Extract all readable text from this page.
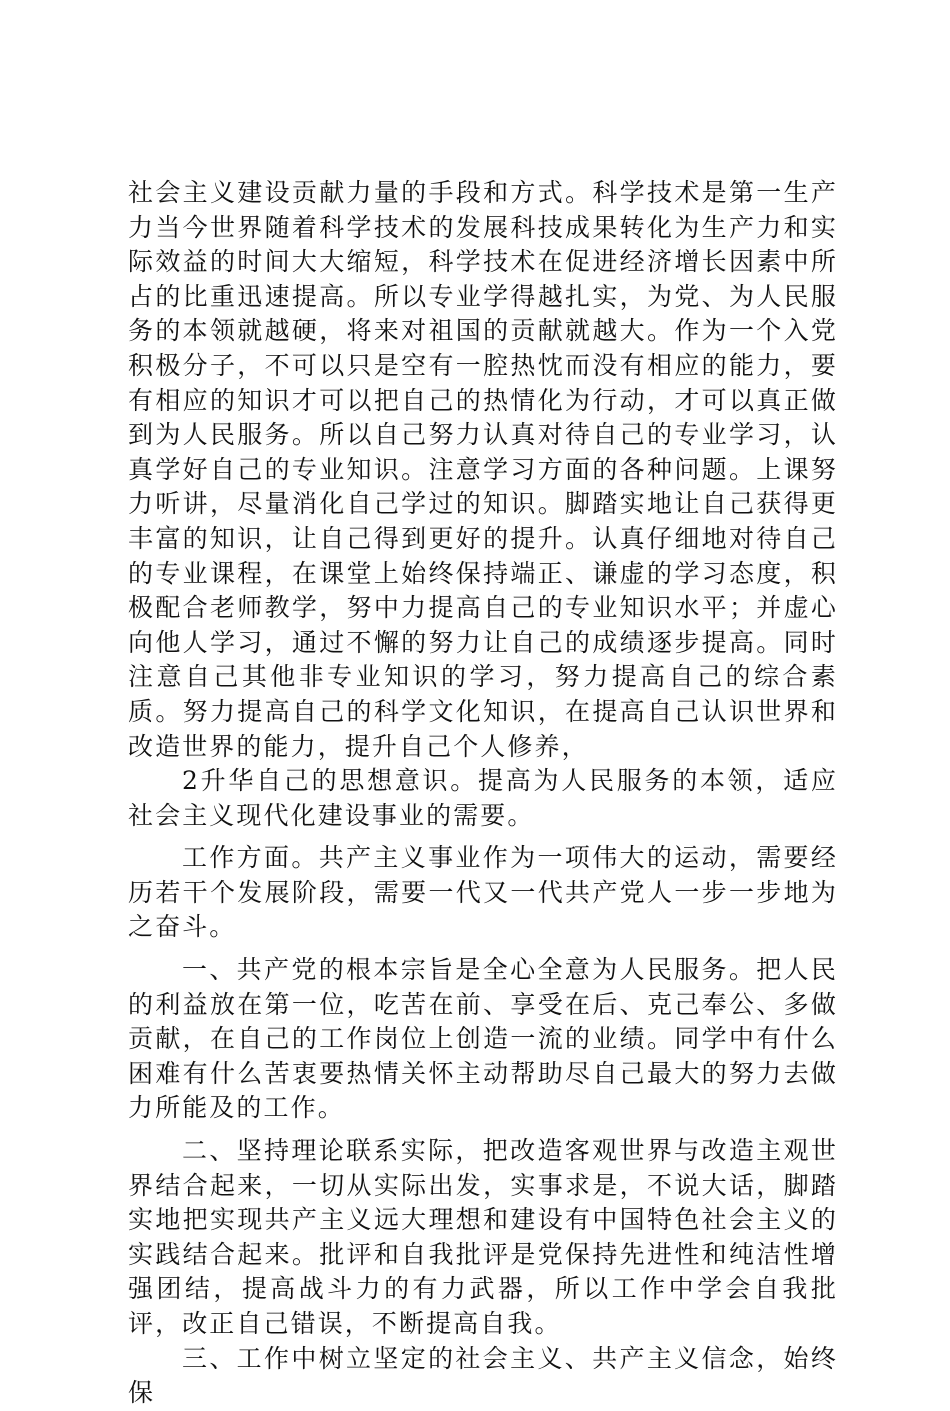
社会主义建设贡献力量的手段和方式。科学技术是第一生产力当今世界随着科学技术的发展科技成果转化为生产力和实际效益的时间大大缩短，科学技术在促进经济增长因素中所占的比重迅速提高。所以专业学得越扎实，为党、为人民服务的本领就越硬，将来对祖国的贡献就越大。作为一个入党积极分子，不可以只是空有一腔热忱而没有相应的能力，要有相应的知识才可以把自己的热情化为行动，才可以真正做到为人民服务。所以自己努力认真对待自己的专业学习，认真学好自己的专业知识。注意学习方面的各种问题。上课努力听讲，尽量消化自己学过的知识。脚踏实地让自己获得更丰富的知识，让自己得到更好的提升。认真仔细地对待自己的专业课程，在课堂上始终保持端正、谦虚的学习态度，积极配合老师教学，努中力提高自己的专业知识水平；并虚心向他人学习，通过不懈的努力让自己的成绩逐步提高。同时注意自己其他非专业知识的学习，努力提高自己的综合素质。努力提高自己的科学文化知识，在提高自己认识世界和改造世界的能力，提升自己个人修养，

2升华自己的思想意识。提高为人民服务的本领，适应社会主义现代化建设事业的需要。

工作方面。共产主义事业作为一项伟大的运动，需要经历若干个发展阶段，需要一代又一代共产党人一步一步地为之奋斗。

一、共产党的根本宗旨是全心全意为人民服务。把人民的利益放在第一位，吃苦在前、享受在后、克己奉公、多做贡献，在自己的工作岗位上创造一流的业绩。同学中有什么困难有什么苦衷要热情关怀主动帮助尽自己最大的努力去做力所能及的工作。

二、坚持理论联系实际，把改造客观世界与改造主观世界结合起来，一切从实际出发，实事求是，不说大话，脚踏实地把实现共产主义远大理想和建设有中国特色社会主义的实践结合起来。批评和自我批评是党保持先进性和纯洁性增强团结，提高战斗力的有力武器，所以工作中学会自我批评，改正自己错误，不断提高自我。

三、工作中树立坚定的社会主义、共产主义信念，始终保
